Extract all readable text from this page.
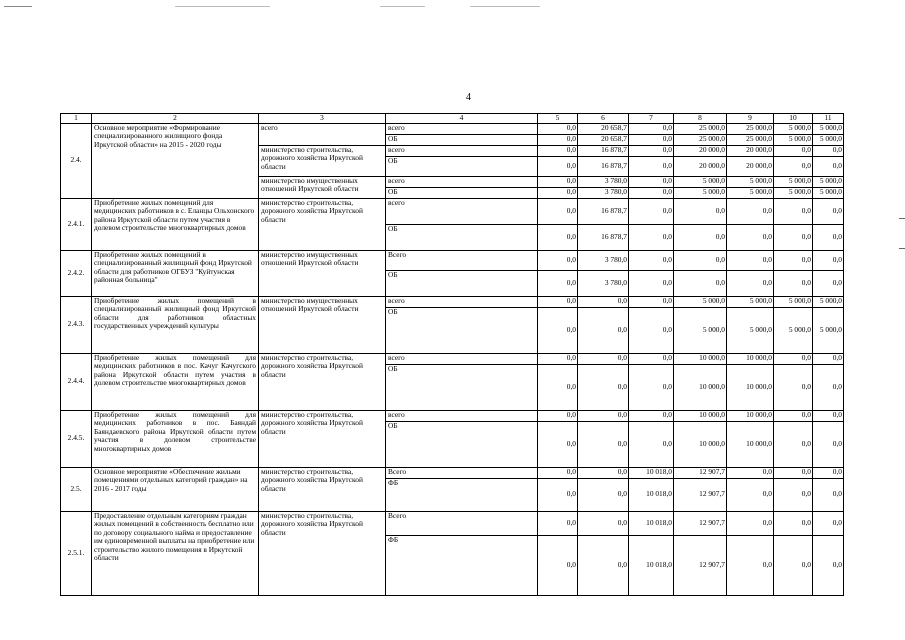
4
1	2	3	4	5	6	7	8	9	10	11
2.4.	Основное мероприятие «Формирование специализированного жилищного фонда Иркутской области» на 2015 - 2020 годы	всего	всего	0,0	20 658,7	0,0	25 000,0	25 000,0	5 000,0	5 000,0
			ОБ	0,0	20 658,7	0,0	25 000,0	25 000,0	5 000,0	5 000,0
		министерство строительства, дорожного хозяйства Иркутской области	всего	0,0	16 878,7	0,0	20 000,0	20 000,0	0,0	0,0
			ОБ	0,0	16 878,7	0,0	20 000,0	20 000,0	0,0	0,0
		министерство имущественных отношений Иркутской области	всего	0,0	3 780,0	0,0	5 000,0	5 000,0	5 000,0	5 000,0
			ОБ	0,0	3 780,0	0,0	5 000,0	5 000,0	5 000,0	5 000,0
2.4.1.	Приобретение жилых помещений для медицинских работников в с. Еланцы Ольхонского района Иркутской области путем участия в долевом строительстве многоквартирных домов	министерство строительства, дорожного хозяйства Иркутской области	всего	0,0	16 878,7	0,0	0,0	0,0	0,0	0,0
			ОБ	0,0	16 878,7	0,0	0,0	0,0	0,0	0,0
2.4.2.	Приобретение жилых помещений в специализированный жилищный фонд Иркутской области для работников ОГБУЗ "Куйтунская районная больница"	министерство имущественных отношений Иркутской области	Всего	0,0	3 780,0	0,0	0,0	0,0	0,0	0,0
			ОБ	0,0	3 780,0	0,0	0,0	0,0	0,0	0,0
2.4.3.	Приобретение жилых помещений в специализированный жилищный фонд Иркутской области для работников областных государственных учреждений культуры	министерство имущественных отношений Иркутской области	всего	0,0	0,0	0,0	5 000,0	5 000,0	5 000,0	5 000,0
			ОБ	0,0	0,0	0,0	5 000,0	5 000,0	5 000,0	5 000,0
2.4.4.	Приобретение жилых помещений для медицинских работников в пос. Качуг Качугского района Иркутской области путем участия в долевом строительстве многоквартирных домов	министерство строительства, дорожного хозяйства Иркутской области	всего	0,0	0,0	0,0	10 000,0	10 000,0	0,0	0,0
			ОБ	0,0	0,0	0,0	10 000,0	10 000,0	0,0	0,0
2.4.5.	Приобретение жилых помещений для медицинских работников в пос. Баяндай Баяндаевского района Иркутской области путем участия в долевом строительстве многоквартирных домов	министерство строительства, дорожного хозяйства Иркутской области	всего	0,0	0,0	0,0	10 000,0	10 000,0	0,0	0,0
			ОБ	0,0	0,0	0,0	10 000,0	10 000,0	0,0	0,0
2.5.	Основное мероприятие «Обеспечение жильми помещениями отдельных категорий граждан» на 2016 - 2017 годы	министерство строительства, дорожного хозяйства Иркутской области	Всего	0,0	0,0	10 018,0	12 907,7	0,0	0,0	0,0
			ФБ	0,0	0,0	10 018,0	12 907,7	0,0	0,0	0,0
2.5.1.	Предоставление отдельным категориям граждан жилых помещений в собственность бесплатно или по договору социального найма и предоставление им единовременной выплаты на приобретение или строительство жилого помещения в Иркутской области	министерство строительства, дорожного хозяйства Иркутской области	Всего	0,0	0,0	10 018,0	12 907,7	0,0	0,0	0,0
			ФБ	0,0	0,0	10 018,0	12 907,7	0,0	0,0	0,0
